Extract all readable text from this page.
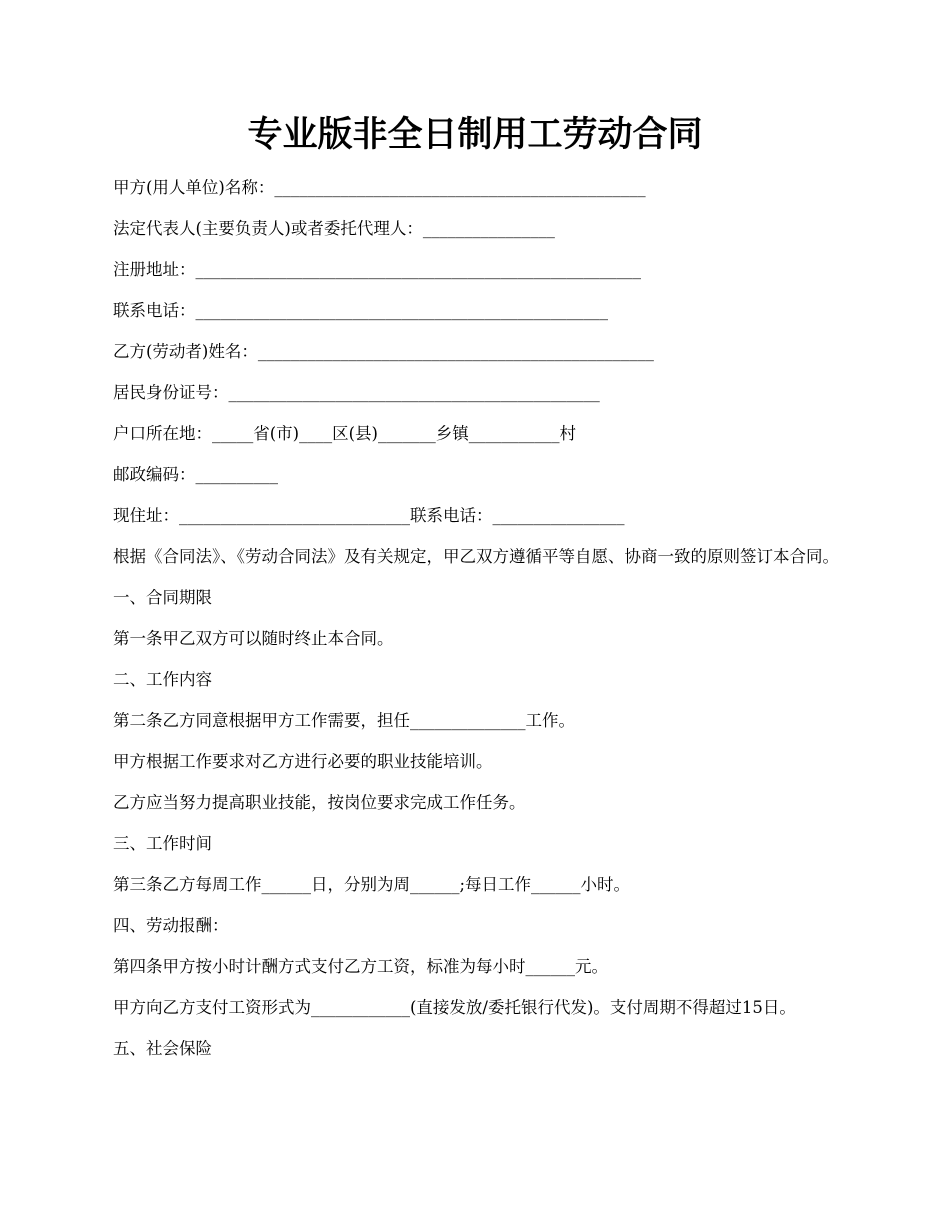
专业版非全日制用工劳动合同

甲方(用人单位)名称：_____________________________________________

法定代表人(主要负责人)或者委托代理人：________________

注册地址：______________________________________________________

联系电话：__________________________________________________

乙方(劳动者)姓名：________________________________________________

居民身份证号：_____________________________________________

户口所在地：_____省(市)____区(县)_______乡镇___________村

邮政编码：__________

现住址：____________________________联系电话：________________

根据《合同法》、《劳动合同法》及有关规定，甲乙双方遵循平等自愿、协商一致的原则签订本合同。

一、合同期限

第一条甲乙双方可以随时终止本合同。

二、工作内容

第二条乙方同意根据甲方工作需要，担任______________工作。

甲方根据工作要求对乙方进行必要的职业技能培训。

乙方应当努力提高职业技能，按岗位要求完成工作任务。

三、工作时间

第三条乙方每周工作______日，分别为周______;每日工作______小时。

四、劳动报酬：

第四条甲方按小时计酬方式支付乙方工资，标准为每小时______元。

甲方向乙方支付工资形式为____________(直接发放/委托银行代发)。支付周期不得超过15日。

五、社会保险
